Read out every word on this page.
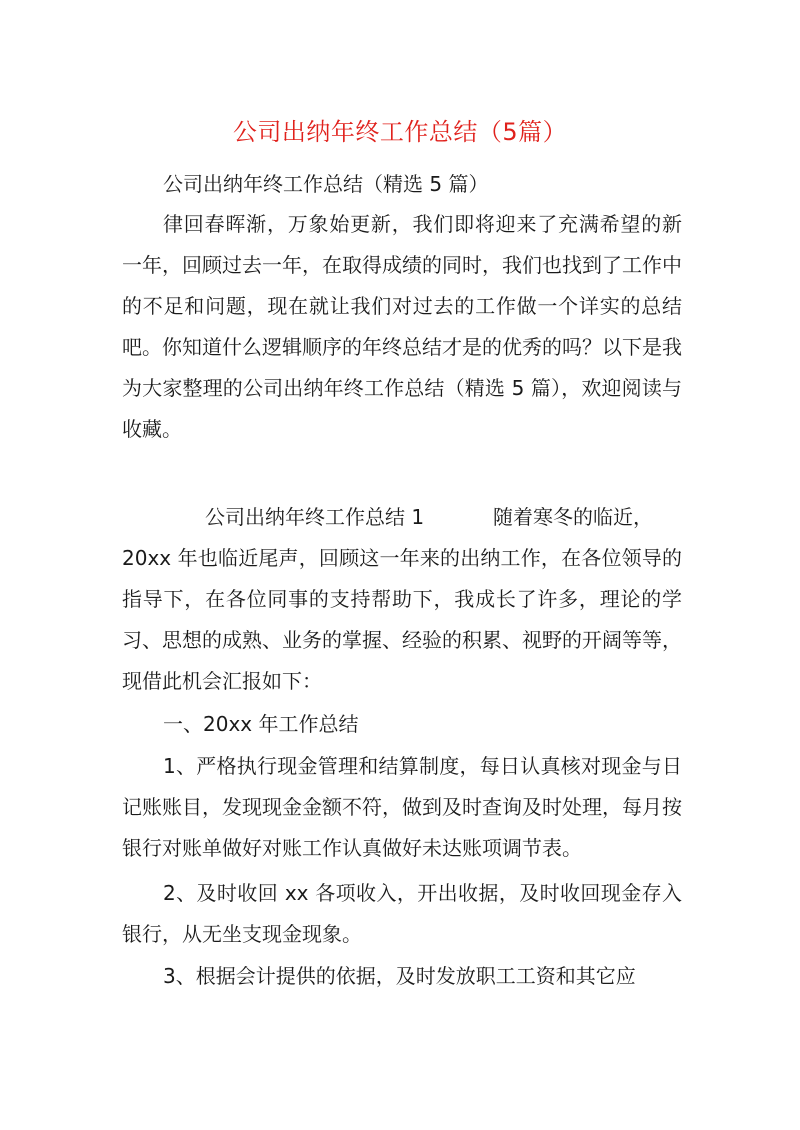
公司出纳年终工作总结（5篇）
公司出纳年终工作总结（精选 5 篇）

律回春晖渐，万象始更新，我们即将迎来了充满希望的新一年，回顾过去一年，在取得成绩的同时，我们也找到了工作中的不足和问题，现在就让我们对过去的工作做一个详实的总结吧。你知道什么逻辑顺序的年终总结才是的优秀的吗？以下是我为大家整理的公司出纳年终工作总结（精选 5 篇），欢迎阅读与收藏。

公司出纳年终工作总结 1	随着寒冬的临近，

20xx 年也临近尾声，回顾这一年来的出纳工作，在各位领导的指导下，在各位同事的支持帮助下，我成长了许多，理论的学习、思想的成熟、业务的掌握、经验的积累、视野的开阔等等，现借此机会汇报如下：

一、20xx 年工作总结

1、严格执行现金管理和结算制度，每日认真核对现金与日记账账目，发现现金金额不符，做到及时查询及时处理，每月按银行对账单做好对账工作认真做好未达账项调节表。

2、及时收回 xx 各项收入，开出收据，及时收回现金存入银行，从无坐支现金现象。

3、根据会计提供的依据，及时发放职工工资和其它应
